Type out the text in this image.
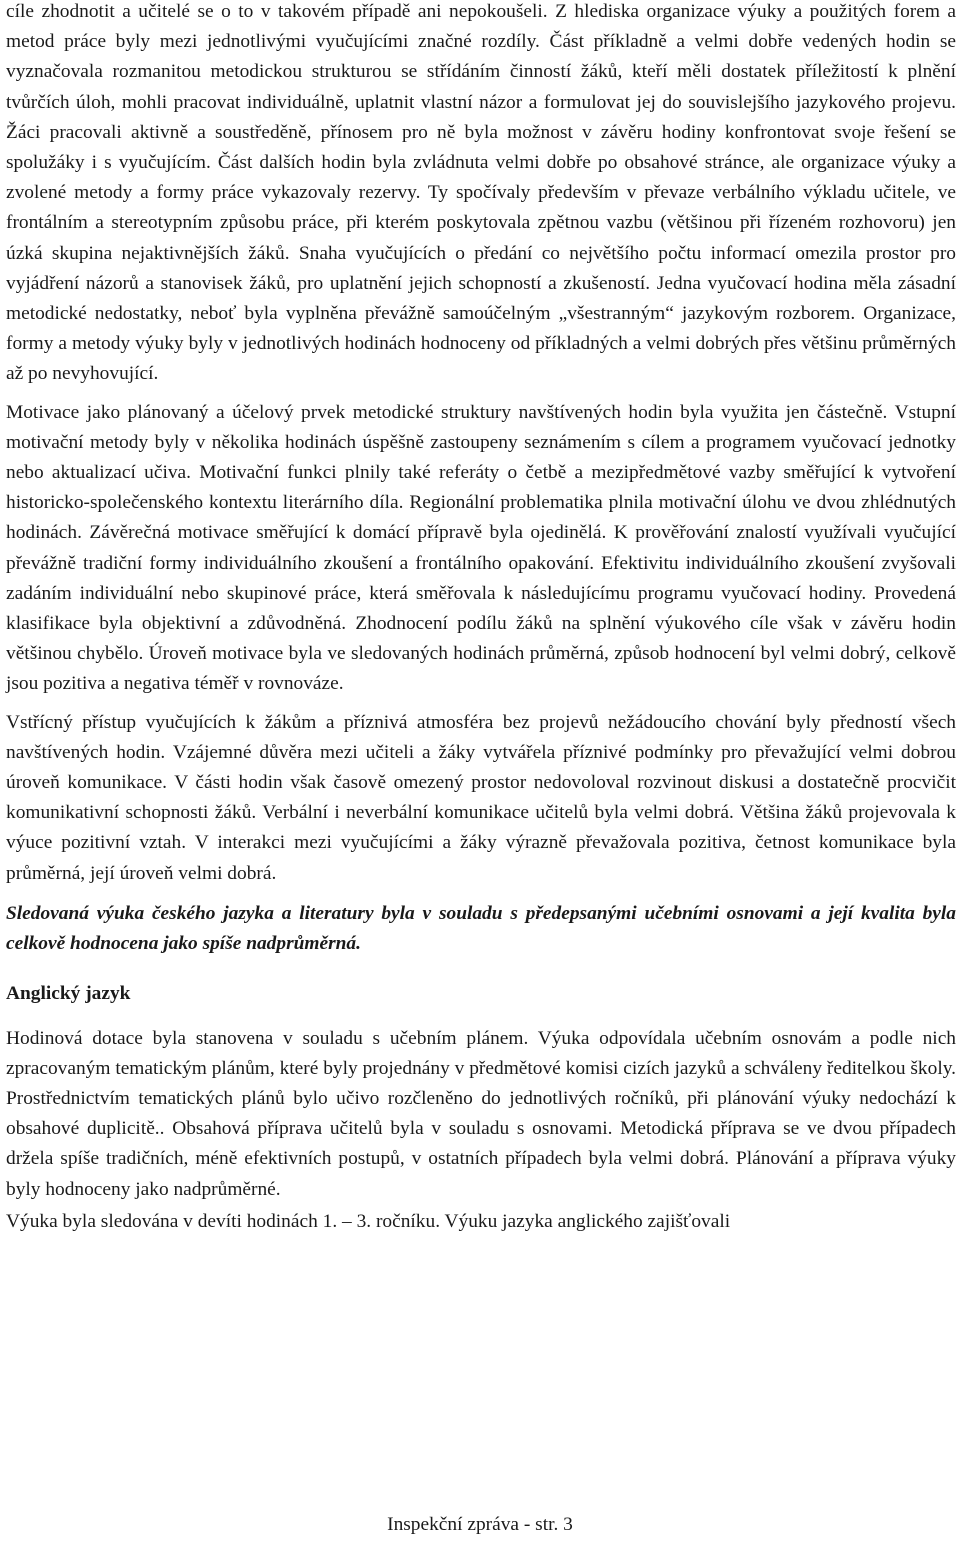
cíle zhodnotit a učitelé se o to v takovém případě ani nepokoušeli. Z hlediska organizace výuky a použitých forem a metod práce byly mezi jednotlivými vyučujícími značné rozdíly. Část příkladně a velmi dobře vedených hodin se vyznačovala rozmanitou metodickou strukturou se střídáním činností žáků, kteří měli dostatek příležitostí k plnění tvůrčích úloh, mohli pracovat individuálně, uplatnit vlastní názor a formulovat jej do souvislejšího jazykového projevu. Žáci pracovali aktivně a soustředěně, přínosem pro ně byla možnost v závěru hodiny konfrontovat svoje řešení se spolužáky i s vyučujícím. Část dalších hodin byla zvládnuta velmi dobře po obsahové stránce, ale organizace výuky a zvolené metody a formy práce vykazovaly rezervy. Ty spočívaly především v převaze verbálního výkladu učitele, ve frontálním a stereotypním způsobu práce, při kterém poskytovala zpětnou vazbu (většinou při řízeném rozhovoru) jen úzká skupina nejaktivnějších žáků. Snaha vyučujících o předání co největšího počtu informací omezila prostor pro vyjádření názorů a stanovisek žáků, pro uplatnění jejich schopností a zkušeností. Jedna vyučovací hodina měla zásadní metodické nedostatky, neboť byla vyplněna převážně samoúčelným „všestranným“ jazykovým rozborem. Organizace, formy a metody výuky byly v jednotlivých hodinách hodnoceny od příkladných a velmi dobrých přes většinu průměrných až po nevyhovující.

Motivace jako plánovaný a účelový prvek metodické struktury navštívených hodin byla využita jen částečně. Vstupní motivační metody byly v několika hodinách úspěšně zastoupeny seznámením s cílem a programem vyučovací jednotky nebo aktualizací učiva. Motivační funkci plnily také referáty o četbě a mezipředmětové vazby směřující k vytvoření historicko-společenského kontextu literárního díla. Regionální problematika plnila motivační úlohu ve dvou zhlédnutých hodinách. Závěrečná motivace směřující k domácí přípravě byla ojedinělá. K prověřování znalostí využívali vyučující převážně tradiční formy individuálního zkoušení a frontálního opakování. Efektivitu individuálního zkoušení zvyšovali zadáním individuální nebo skupinové práce, která směřovala k následujícímu programu vyučovací hodiny. Provedená klasifikace byla objektivní a zdůvodněná. Zhodnocení podílu žáků na splnění výukového cíle však v závěru hodin většinou chybělo. Úroveň motivace byla ve sledovaných hodinách průměrná, způsob hodnocení byl velmi dobrý, celkově jsou pozitiva a negativa téměř v rovnováze.

Vstřícný přístup vyučujících k žákům a příznivá atmosféra bez projevů nežádoucího chování byly předností všech navštívených hodin. Vzájemné důvěra mezi učiteli a žáky vytvářela příznivé podmínky pro převažující velmi dobrou úroveň komunikace. V části hodin však časově omezený prostor nedovoloval rozvinout diskusi a dostatečně procvičit komunikativní schopnosti žáků. Verbální i neverbální komunikace učitelů byla velmi dobrá. Většina žáků projevovala k výuce pozitivní vztah. V interakci mezi vyučujícími a žáky výrazně převažovala pozitiva, četnost komunikace byla průměrná, její úroveň velmi dobrá.

Sledovaná výuka českého jazyka a literatury byla v souladu s předepsanými učebními osnovami a její kvalita byla celkově hodnocena jako spíše nadprůměrná.

Anglický jazyk

Hodinová dotace byla stanovena v souladu s učebním plánem. Výuka odpovídala učebním osnovám a podle nich zpracovaným tematickým plánům, které byly projednány v předmětové komisi cizích jazyků a schváleny ředitelkou školy. Prostřednictvím tematických plánů bylo učivo rozčleněno do jednotlivých ročníků, při plánování výuky nedochází k obsahové duplicitě.. Obsahová příprava učitelů byla v souladu s osnovami. Metodická příprava se ve dvou případech držela spíše tradičních, méně efektivních postupů, v ostatních případech byla velmi dobrá. Plánování a příprava výuky byly hodnoceny jako nadprůměrné.

Výuka byla sledována v devíti hodinách 1. – 3. ročníku. Výuku jazyka anglického zajišťovali

Inspekční zpráva - str. 3
